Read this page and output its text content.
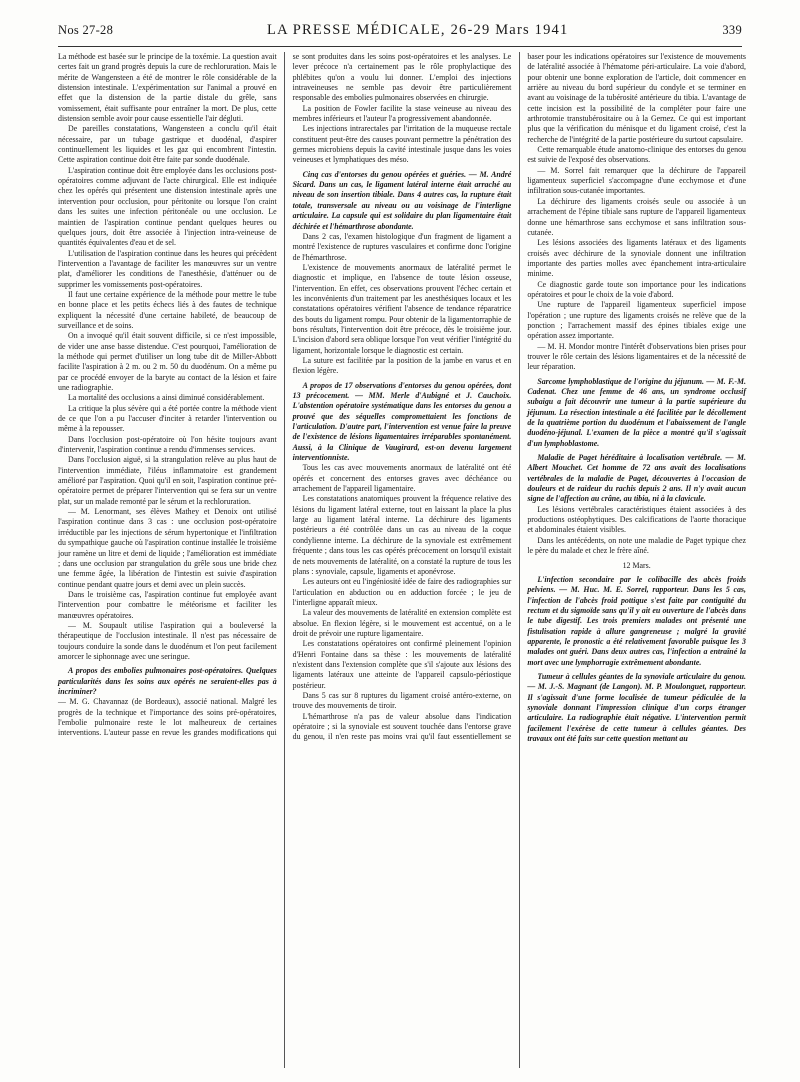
Nos 27-28	LA PRESSE MÉDICALE, 26-29 Mars 1941	339

La méthode est basée sur le principe de la toxémie. La question avait certes fait un grand progrès depuis la cure de rechloruration. Mais le mérite de Wangensteen a été de montrer le rôle considérable de la distension intestinale. L'expérimentation sur l'animal a prouvé en effet que la distension de la partie distale du grêle, sans vomissement, était suffisante pour entraîner la mort. De plus, cette distension semble avoir pour cause essentielle l'air dégluti.

De pareilles constatations, Wangensteen a conclu qu'il était nécessaire, par un tubage gastrique et duodénal, d'aspirer continuellement les liquides et les gaz qui encombrent l'intestin. Cette aspiration continue doit être faite par sonde duodénale.

L'aspiration continue doit être employée dans les occlusions post-opératoires comme adjuvant de l'acte chirurgical. Elle est indiquée chez les opérés qui présentent une distension intestinale après une intervention pour occlusion, pour péritonite ou lorsque l'on craint dans les suites une infection péritonéale ou une occlusion. Le maintien de l'aspiration continue pendant quelques heures ou quelques jours, doit être associée à l'injection intra-veineuse de quantités équivalentes d'eau et de sel.

L'utilisation de l'aspiration continue dans les heures qui précèdent l'intervention a l'avantage de faciliter les manœuvres sur un ventre plat, d'améliorer les conditions de l'anesthésie, d'atténuer ou de supprimer les vomissements post-opératoires.

Il faut une certaine expérience de la méthode pour mettre le tube en bonne place et les petits échecs liés à des fautes de technique expliquent la nécessité d'une certaine habileté, de beaucoup de surveillance et de soins.

On a invoqué qu'il était souvent difficile, si ce n'est impossible, de vider une anse basse distendue. C'est pourquoi, l'amélioration de la méthode qui permet d'utiliser un long tube dit de Miller-Abbott facilite l'aspiration à 2 m. ou 2 m. 50 du duodénum. On a même pu par ce procédé envoyer de la baryte au contact de la lésion et faire une radiographie.

La mortalité des occlusions a ainsi diminué considérablement.

La critique la plus sévère qui a été portée contre la méthode vient de ce que l'on a pu l'accuser d'inciter à retarder l'intervention ou même à la repousser.

Dans l'occlusion post-opératoire où l'on hésite toujours avant d'intervenir, l'aspiration continue a rendu d'immenses services.

Dans l'occlusion aiguë, si la strangulation relève au plus haut de l'intervention immédiate, l'iléus inflammatoire est grandement amélioré par l'aspiration. Quoi qu'il en soit, l'aspiration continue pré-opératoire permet de préparer l'intervention qui se fera sur un ventre plat, sur un malade remonté par le sérum et la rechloruration.

— M. Lenormant, ses élèves Mathey et Denoix ont utilisé l'aspiration continue dans 3 cas : une occlusion post-opératoire irréductible par les injections de sérum hypertonique et l'infiltration du sympathique gauche où l'aspiration continue installée le troisième jour ramène un litre et demi de liquide ; l'amélioration est immédiate ; dans une occlusion par strangulation du grêle sous une bride chez une femme âgée, la libération de l'intestin est suivie d'aspiration continue pendant quatre jours et demi avec un plein succès.

Dans le troisième cas, l'aspiration continue fut employée avant l'intervention pour combattre le météorisme et faciliter les manœuvres opératoires.

— M. Soupault utilise l'aspiration qui a bouleversé la thérapeutique de l'occlusion intestinale. Il n'est pas nécessaire de toujours conduire la sonde dans le duodénum et l'on peut facilement amorcer le siphonnage avec une seringue.

A propos des embolies pulmonaires post-opératoires. Quelques particularités dans les soins aux opérés ne seraient-elles pas à incriminer?

— M. G. Chavannaz (de Bordeaux), associé national. Malgré les progrès de la technique et l'importance des soins pré-opératoires, l'embolie pulmonaire reste le lot malheureux de certaines interventions. L'auteur passe en revue les grandes modifications qui se sont produites dans les soins post-opératoires et les analyses. Le lever précoce n'a certainement pas le rôle prophylactique des phlébites qu'on a voulu lui donner. L'emploi des injections intraveineuses ne semble pas devoir être particulièrement responsable des embolies pulmonaires observées en chirurgie.

La position de Fowler facilite la stase veineuse au niveau des membres inférieurs et l'auteur l'a progressivement abandonnée.

Les injections intrarectales par l'irritation de la muqueuse rectale constituent peut-être des causes pouvant permettre la pénétration des germes microbiens depuis la cavité intestinale jusque dans les voies veineuses et lymphatiques des méso.

Cinq cas d'entorses du genou opérées et guéries. — M. André Sicard. Dans un cas, le ligament latéral interne était arraché au niveau de son insertion tibiale. Dans 4 autres cas, la rupture était totale, transversale au niveau ou au voisinage de l'interligne articulaire. La capsule qui est solidaire du plan ligamentaire était déchirée et l'hémarthrose abondante.

Dans 2 cas, l'examen histologique d'un fragment de ligament a montré l'existence de ruptures vasculaires et confirme donc l'origine de l'hémarthrose.

L'existence de mouvements anormaux de latéralité permet le diagnostic et implique, en l'absence de toute lésion osseuse, l'intervention. En effet, ces observations prouvent l'échec certain et les inconvénients d'un traitement par les anesthésiques locaux et les constatations opératoires vérifient l'absence de tendance réparatrice des bouts du ligament rompu. Pour obtenir de la ligamentorraphie de bons résultats, l'intervention doit être précoce, dès le troisième jour. L'incision d'abord sera oblique lorsque l'on veut vérifier l'intégrité du ligament, horizontale lorsque le diagnostic est certain.

La suture est facilitée par la position de la jambe en varus et en flexion légère.

A propos de 17 observations d'entorses du genou opérées, dont 13 précocement. — MM. Merle d'Aubigné et J. Cauchoix. L'abstention opératoire systématique dans les entorses du genou a prouvé que des séquelles compromettaient les fonctions de l'articulation. D'autre part, l'intervention est venue faire la preuve de l'existence de lésions ligamentaires irréparables spontanément. Aussi, à la Clinique de Vaugirard, est-on devenu largement interventionniste.

Tous les cas avec mouvements anormaux de latéralité ont été opérés et concernent des entorses graves avec déchéance ou arrachement de l'appareil ligamentaire.

Les constatations anatomiques prouvent la fréquence relative des lésions du ligament latéral externe, tout en laissant la place la plus large au ligament latéral interne. La déchirure des ligaments postérieurs a été contrôlée dans un cas au niveau de la coque condylienne interne. La déchirure de la synoviale est extrêmement fréquente ; dans tous les cas opérés précocement on lorsqu'il existait de nets mouvements de latéralité, on a constaté la rupture de tous les plans : synoviale, capsule, ligaments et aponévrose.

Les auteurs ont eu l'ingéniosité idée de faire des radiographies sur l'articulation en abduction ou en adduction forcée ; le jeu de l'interligne apparaît mieux.

La valeur des mouvements de latéralité en extension complète est absolue. En flexion légère, si le mouvement est accentué, on a le droit de prévoir une rupture ligamentaire.

Les constatations opératoires ont confirmé pleinement l'opinion d'Henri Fontaine dans sa thèse : les mouvements de latéralité n'existent dans l'extension complète que s'il s'ajoute aux lésions des ligaments latéraux une atteinte de l'appareil capsulo-périostique postérieur.

Dans 5 cas sur 8 ruptures du ligament croisé antéro-externe, on trouve des mouvements de tiroir.

L'hémarthrose n'a pas de valeur absolue dans l'indication opératoire ; si la synoviale est souvent touchée dans l'entorse grave du genou, il n'en reste pas moins vrai qu'il faut essentiellement se baser pour les indications opératoires sur l'existence de mouvements de latéralité associée à l'hématome péri-articulaire. La voie d'abord, pour obtenir une bonne exploration de l'article, doit commencer en arrière au niveau du bord supérieur du condyle et se terminer en avant au voisinage de la tubérosité antérieure du tibia. L'avantage de cette incision est la possibilité de la compléter pour faire une arthrotomie transtubérositaire ou à la Gernez. Ce qui est important plus que la vérification du ménisque et du ligament croisé, c'est la recherche de l'intégrité de la partie postérieure du surtout capsulaire.

Cette remarquable étude anatomo-clinique des entorses du genou est suivie de l'exposé des observations.

— M. Sorrel fait remarquer que la déchirure de l'appareil ligamenteux superficiel s'accompagne d'une ecchymose et d'une infiltration sous-cutanée importantes.

La déchirure des ligaments croisés seule ou associée à un arrachement de l'épine tibiale sans rupture de l'appareil ligamenteux donne une hémarthrose sans ecchymose et sans infiltration sous-cutanée.

Les lésions associées des ligaments latéraux et des ligaments croisés avec déchirure de la synoviale donnent une infiltration importante des parties molles avec épanchement intra-articulaire minime.

Ce diagnostic garde toute son importance pour les indications opératoires et pour le choix de la voie d'abord.

Une rupture de l'appareil ligamenteux superficiel impose l'opération ; une rupture des ligaments croisés ne relève que de la ponction ; l'arrachement massif des épines tibiales exige une opération assez importante.

— M. H. Mondor montre l'intérêt d'observations bien prises pour trouver le rôle certain des lésions ligamentaires et de la nécessité de leur réparation.

Sarcome lymphoblastique de l'origine du jéjunum. — M. F.-M. Cadenat. Chez une femme de 46 ans, un syndrome occlusif subaigu a fait découvrir une tumeur à la partie supérieure du jéjunum. La résection intestinale a été facilitée par le décollement de la quatrième portion du duodénum et l'abaissement de l'angle duodéno-jéjunal. L'examen de la pièce a montré qu'il s'agissait d'un lymphoblastome.

Maladie de Paget héréditaire à localisation vertébrale. — M. Albert Mouchet. Cet homme de 72 ans avait des localisations vertébrales de la maladie de Paget, découvertes à l'occasion de douleurs et de raideur du rachis depuis 2 ans. Il n'y avait aucun signe de l'affection au crâne, au tibia, ni à la clavicule.

Les lésions vertébrales caractéristiques étaient associées à des productions ostéophytiques. Des calcifications de l'aorte thoracique et abdominales étaient visibles.

Dans les antécédents, on note une maladie de Paget typique chez le père du malade et chez le frère aîné.

12 Mars.

L'infection secondaire par le colibacille des abcès froids pelviens. — M. Huc. M. E. Sorrel, rapporteur. Dans les 5 cas, l'infection de l'abcès froid pottique s'est faite par contiguïté du rectum et du sigmoïde sans qu'il y ait eu ouverture de l'abcès dans le tube digestif. Les trois premiers malades ont présenté une fistulisation rapide à allure gangreneuse ; malgré la gravité apparente, le pronostic a été relativement favorable puisque les 3 malades ont guéri. Dans deux autres cas, l'infection a entraîné la mort avec une lymphorragie extrêmement abondante.

Tumeur à cellules géantes de la synoviale articulaire du genou. — M. J.-S. Magnant (de Langon). M. P. Moulonguet, rapporteur. Il s'agissait d'une forme localisée de tumeur pédiculée de la synoviale donnant l'impression clinique d'un corps étranger articulaire. La radiographie était négative. L'intervention permit facilement l'exérèse de cette tumeur à cellules géantes. Des travaux ont été faits sur cette question mettant au
